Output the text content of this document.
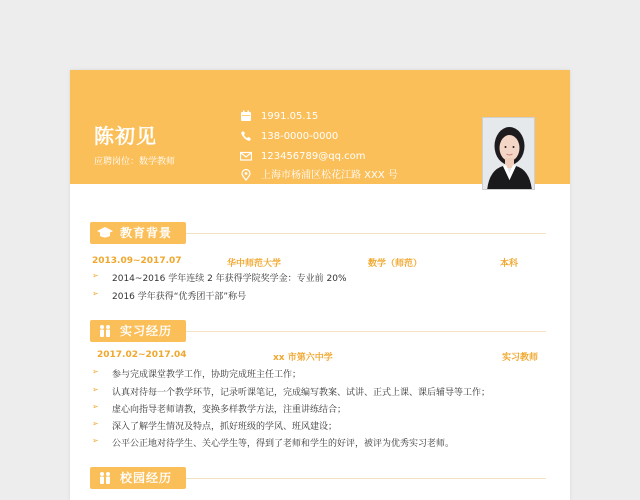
陈初见
应聘岗位：数学教师
1991.05.15
138-0000-0000
123456789@qq.com
上海市杨浦区松花江路 XXX 号
教育背景
2013.09~2017.07	华中师范大学	数学（师范）	本科
➢ 2014~2016 学年连续 2 年获得学院奖学金：专业前 20%
➢ 2016 学年获得“优秀团干部”称号
实习经历
2017.02~2017.04	xx 市第六中学	实习教师
➢ 参与完成课堂教学工作，协助完成班主任工作；
➢ 认真对待每一个教学环节，记录听课笔记，完成编写教案、试讲、正式上课、课后辅导等工作；
➢ 虚心向指导老师请教，变换多样教学方法，注重讲练结合；
➢ 深入了解学生情况及特点，抓好班级的学风、班风建设；
➢ 公平公正地对待学生、关心学生等，得到了老师和学生的好评，被评为优秀实习老师。
校园经历
